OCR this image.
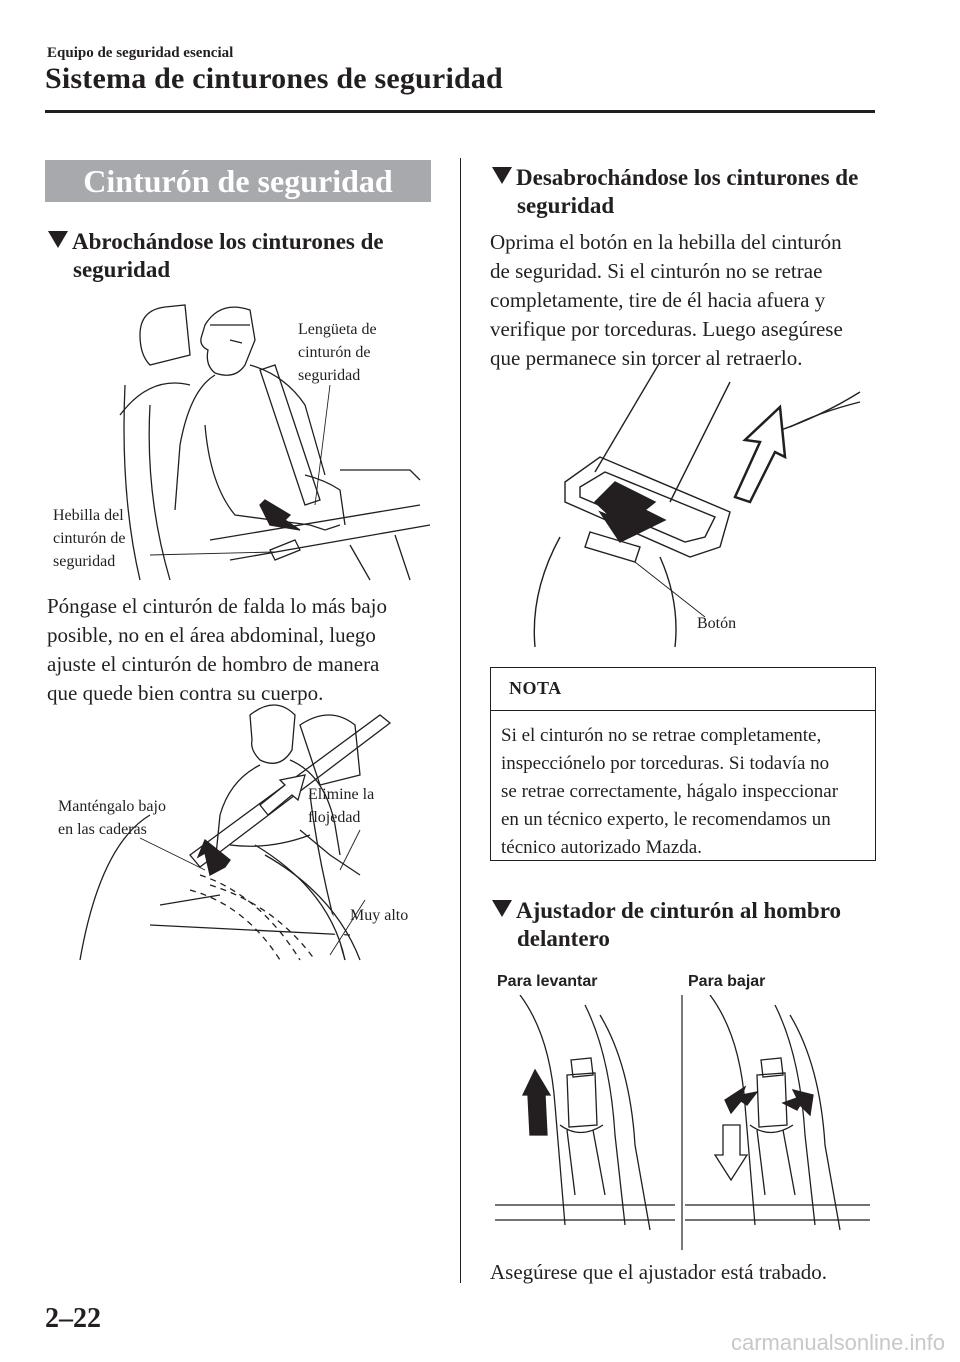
Equipo de seguridad esencial
Sistema de cinturones de seguridad
Cinturón de seguridad
Abrochándose los cinturones de
seguridad
Lengüeta de
cinturón de
seguridad
Hebilla del
cinturón de
seguridad
Póngase el cinturón de falda lo más bajo
posible, no en el área abdominal, luego
ajuste el cinturón de hombro de manera
que quede bien contra su cuerpo.
Manténgalo bajo
en las caderas
Elimine la
flojedad
Muy alto
Desabrochándose los cinturones de
seguridad
Oprima el botón en la hebilla del cinturón
de seguridad. Si el cinturón no se retrae
completamente, tire de él hacia afuera y
verifique por torceduras. Luego asegúrese
que permanece sin torcer al retraerlo.
Botón
NOTA
Si el cinturón no se retrae completamente,
inspecciónelo por torceduras. Si todavía no
se retrae correctamente, hágalo inspeccionar
en un técnico experto, le recomendamos un
técnico autorizado Mazda.
Ajustador de cinturón al hombro
delantero
Para levantar	Para bajar
Asegúrese que el ajustador está trabado.
2–22
carmanualsonline.info
